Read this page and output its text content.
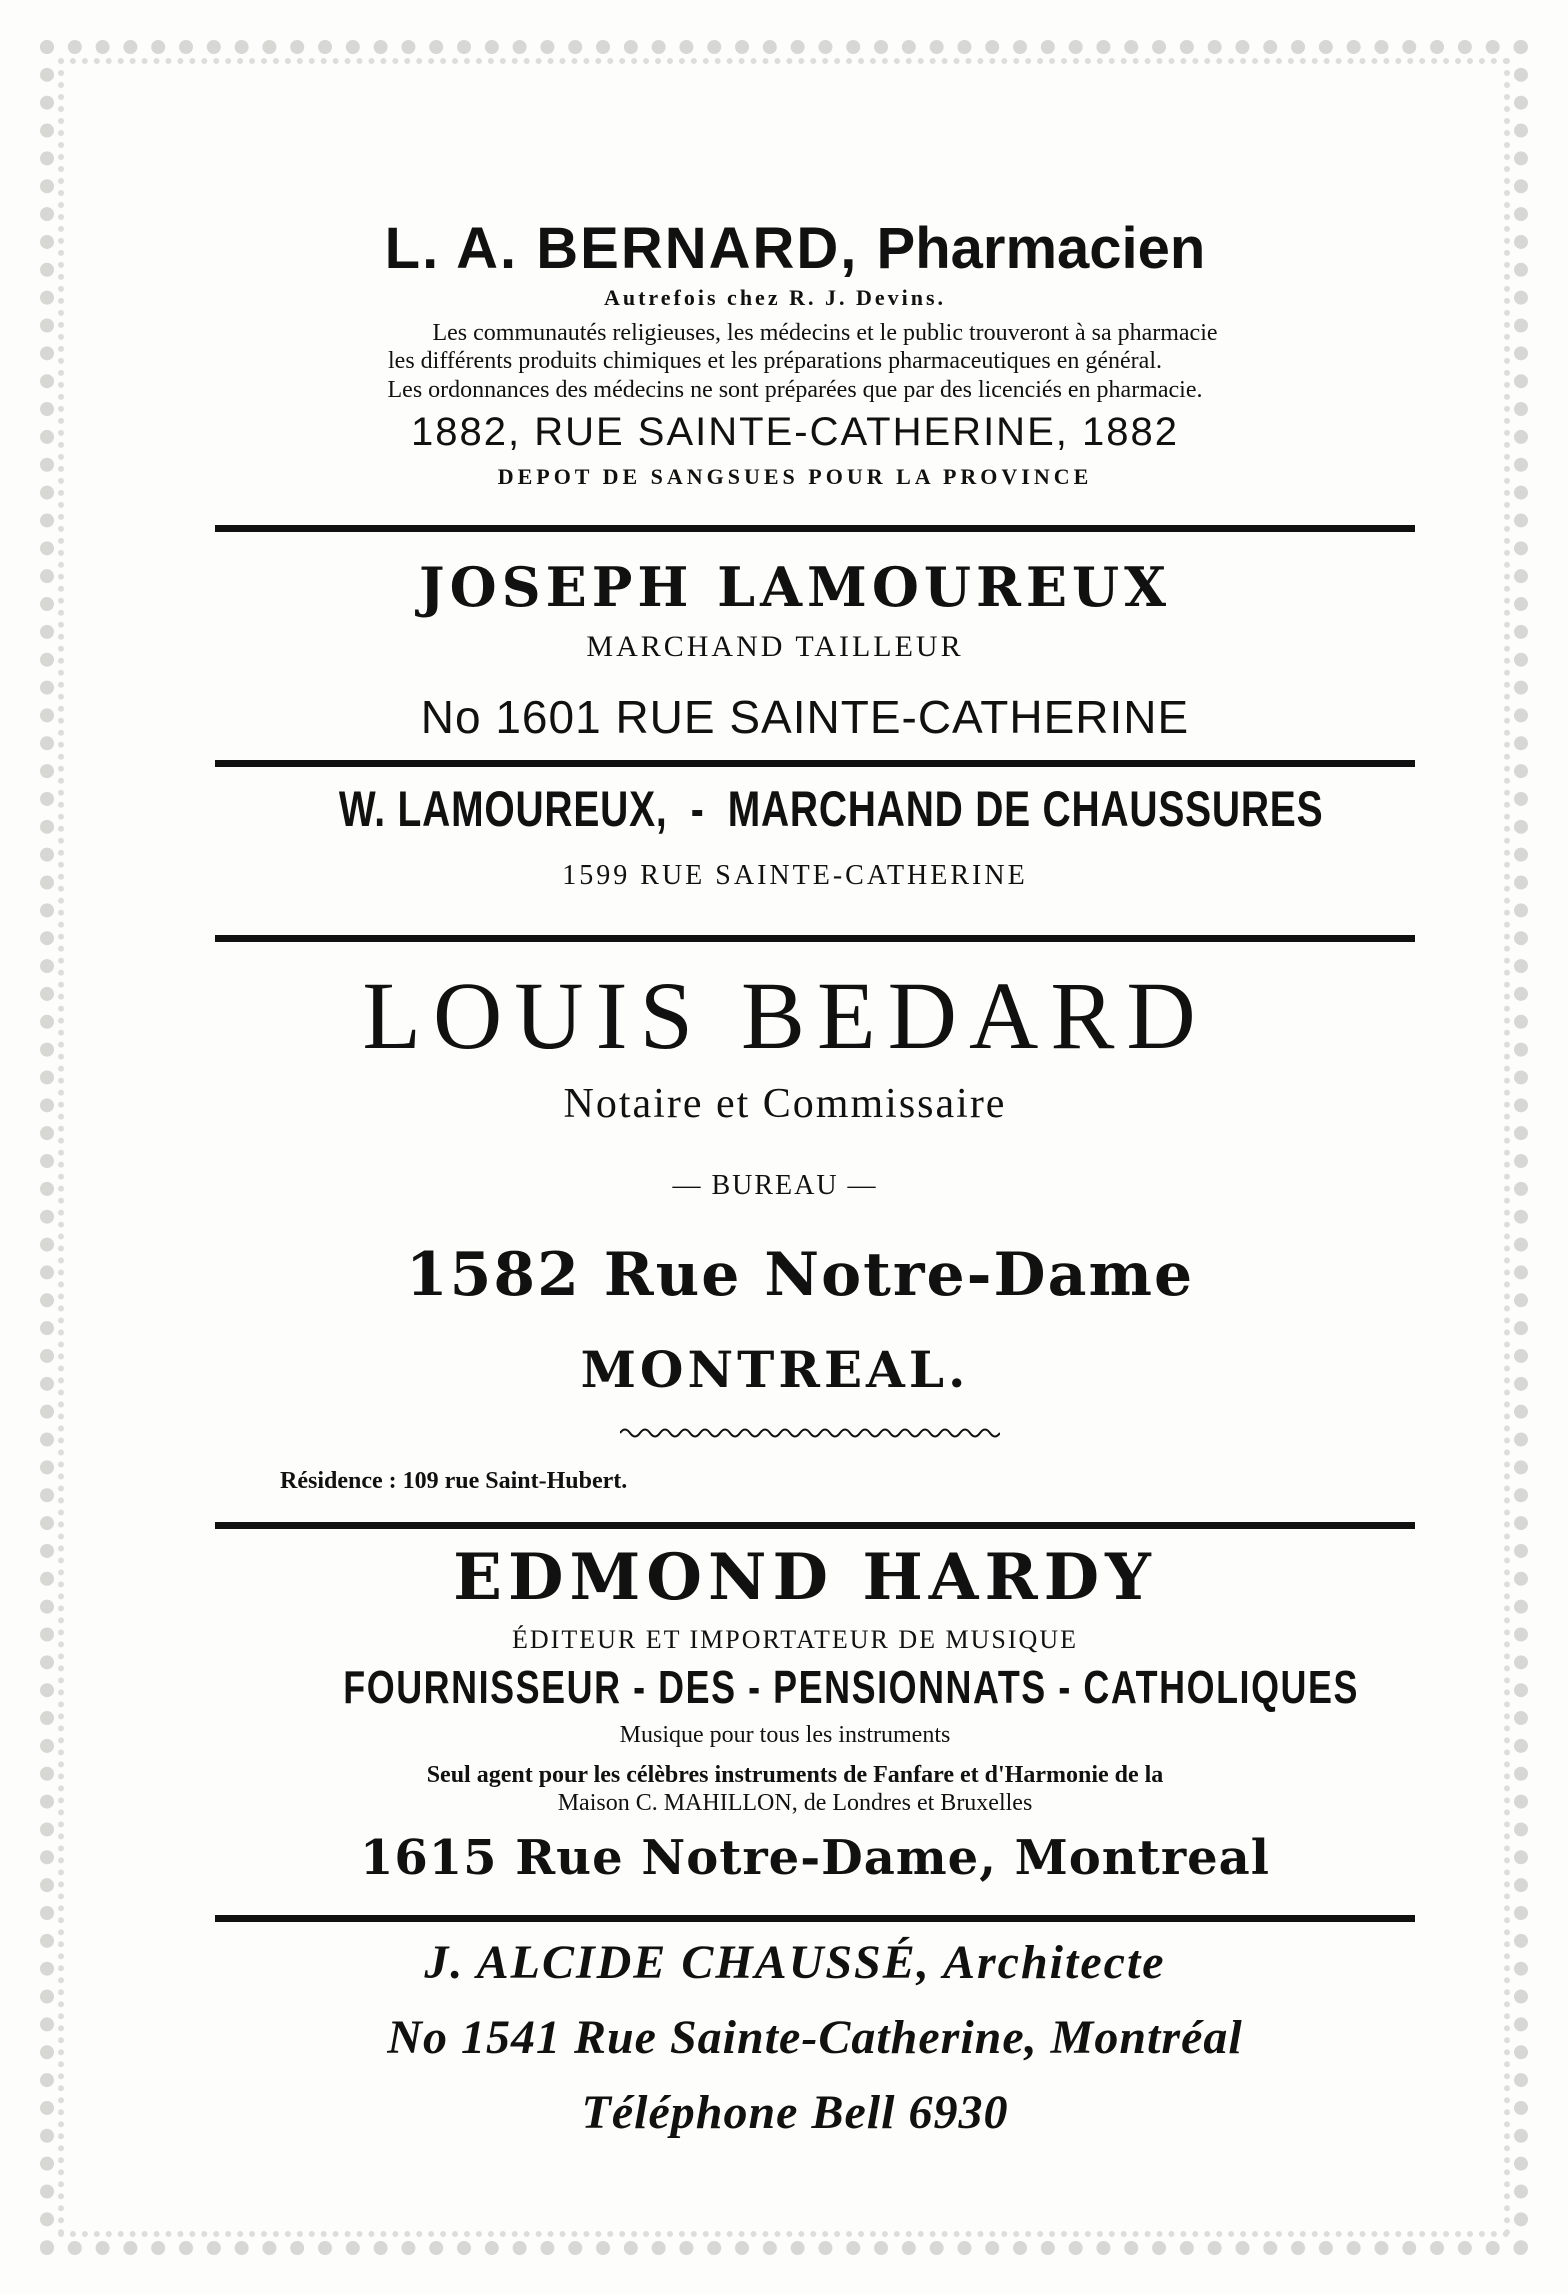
L. A. BERNARD, Pharmacien
Autrefois chez R. J. Devins.
Les communautés religieuses, les médecins et le public trouveront à sa pharmacie
les différents produits chimiques et les préparations pharmaceutiques en général.
Les ordonnances des médecins ne sont préparées que par des licenciés en pharmacie.
1882, RUE SAINTE-CATHERINE, 1882
DEPOT DE SANGSUES POUR LA PROVINCE
JOSEPH LAMOUREUX
MARCHAND TAILLEUR
No 1601 RUE SAINTE-CATHERINE
W. LAMOUREUX,  -  MARCHAND DE CHAUSSURES
1599 RUE SAINTE-CATHERINE
LOUIS BEDARD
Notaire et Commissaire
— BUREAU —
1582 Rue Notre-Dame
MONTREAL.
Résidence : 109 rue Saint-Hubert.
EDMOND HARDY
ÉDITEUR ET IMPORTATEUR DE MUSIQUE
FOURNISSEUR - DES - PENSIONNATS - CATHOLIQUES
Musique pour tous les instruments
Seul agent pour les célèbres instruments de Fanfare et d'Harmonie de la
Maison C. MAHILLON, de Londres et Bruxelles
1615 Rue Notre-Dame, Montreal
J. ALCIDE CHAUSSÉ, Architecte
No 1541 Rue Sainte-Catherine, Montréal
Téléphone Bell 6930
